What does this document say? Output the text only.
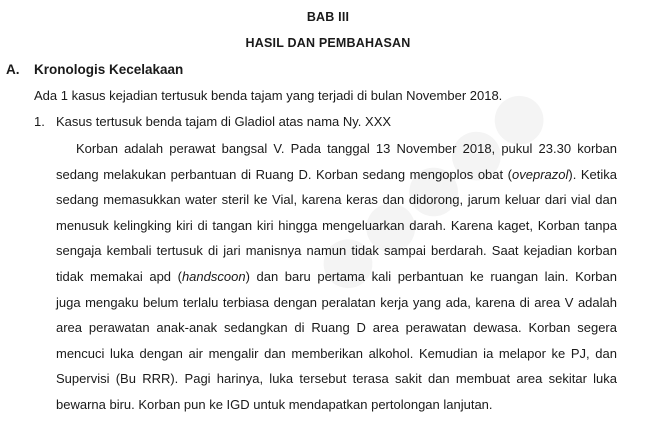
BAB III
HASIL DAN PEMBAHASAN
A. Kronologis Kecelakaan
Ada 1 kasus kejadian tertusuk benda tajam yang terjadi di bulan November 2018.
1. Kasus tertusuk benda tajam di Gladiol atas nama Ny. XXX
Korban adalah perawat bangsal V. Pada tanggal 13 November 2018, pukul 23.30 korban
sedang melakukan perbantuan di Ruang D. Korban sedang mengoplos obat (oveprazol). Ketika
sedang memasukkan water steril ke Vial, karena keras dan didorong, jarum keluar dari vial dan
menusuk kelingking kiri di tangan kiri hingga mengeluarkan darah. Karena kaget, Korban tanpa
sengaja kembali tertusuk di jari manisnya namun tidak sampai berdarah. Saat kejadian korban
tidak memakai apd (handscoon) dan baru pertama kali perbantuan ke ruangan lain. Korban
juga mengaku belum terlalu terbiasa dengan peralatan kerja yang ada, karena di area V adalah
area perawatan anak-anak sedangkan di Ruang D area perawatan dewasa. Korban segera
mencuci luka dengan air mengalir dan memberikan alkohol. Kemudian ia melapor ke PJ, dan
Supervisi (Bu RRR). Pagi harinya, luka tersebut terasa sakit dan membuat area sekitar luka
bewarna biru. Korban pun ke IGD untuk mendapatkan pertolongan lanjutan.
